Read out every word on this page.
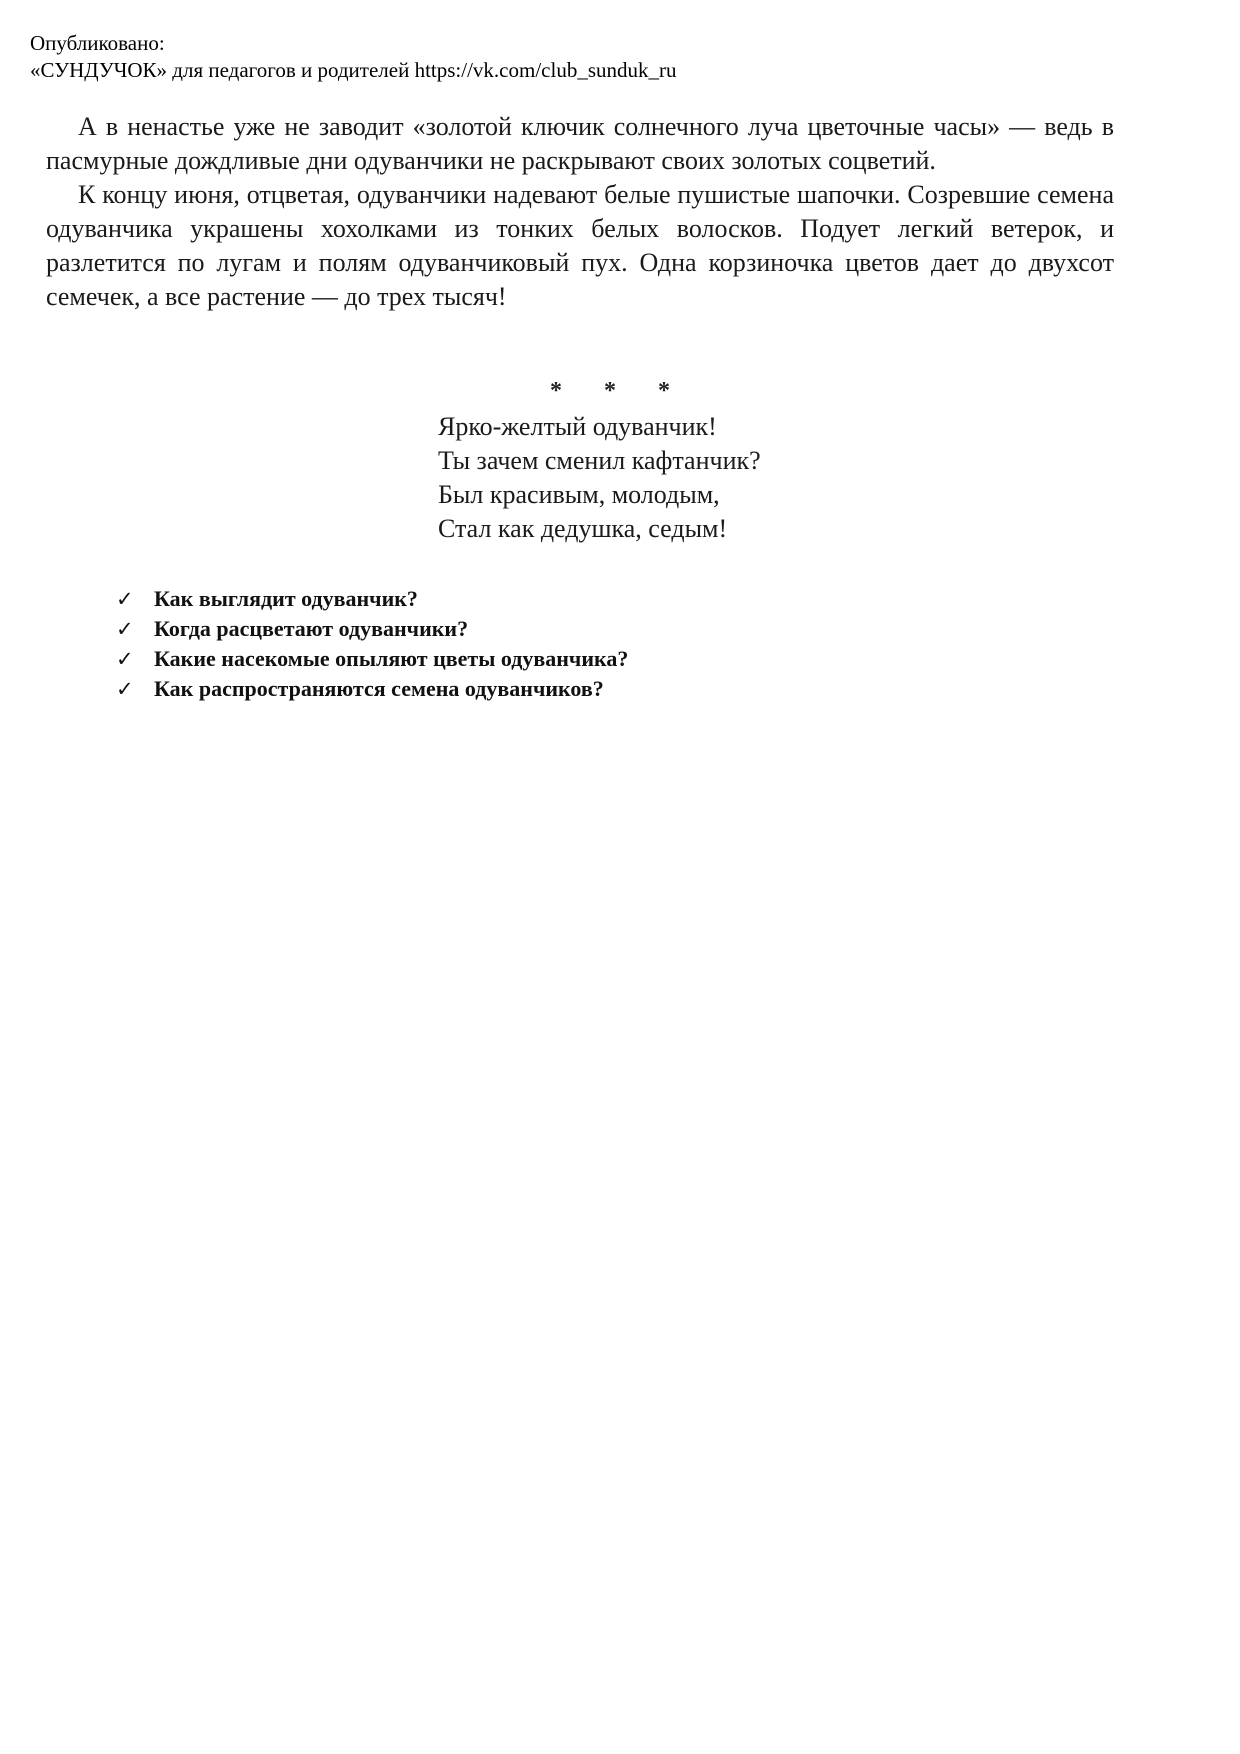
Опубликовано:
«СУНДУЧОК» для педагогов и родителей https://vk.com/club_sunduk_ru

А в ненастье уже не заводит «золотой ключик солнечного луча цветочные часы» — ведь в пасмурные дождливые дни одуванчики не раскрывают своих золотых соцветий.

К концу июня, отцветая, одуванчики надевают белые пушистые шапочки. Созревшие семена одуванчика украшены хохолками из тонких белых волосков. Подует легкий ветерок, и разлетится по лугам и полям одуванчиковый пух. Одна корзиночка цветов дает до двухсот семечек, а все растение — до трех тысяч!

* * *
Ярко-желтый одуванчик!
Ты зачем сменил кафтанчик?
Был красивым, молодым,
Стал как дедушка, седым!
✓ Как выглядит одуванчик?
✓ Когда расцветают одуванчики?
✓ Какие насекомые опыляют цветы одуванчика?
✓ Как распространяются семена одуванчиков?
